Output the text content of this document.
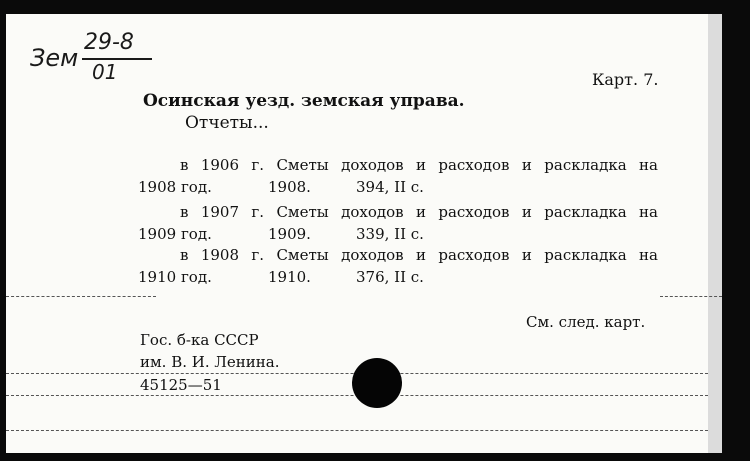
Зем
29-8
01	Карт. 7.
Осинская уезд. земская управа.
Отчеты...
в 1906 г. Сметы доходов и расходов и раскладка на
1908 год.	1908.	394, II с.
в 1907 г. Сметы доходов и расходов и раскладка на
1909 год.	1909.	339, II с.
в 1908 г. Сметы доходов и расходов и раскладка на
1910 год.	1910.	376, II с.
См. след. карт.
Гос. б-ка СССР
им. В. И. Ленина.
45125—51
